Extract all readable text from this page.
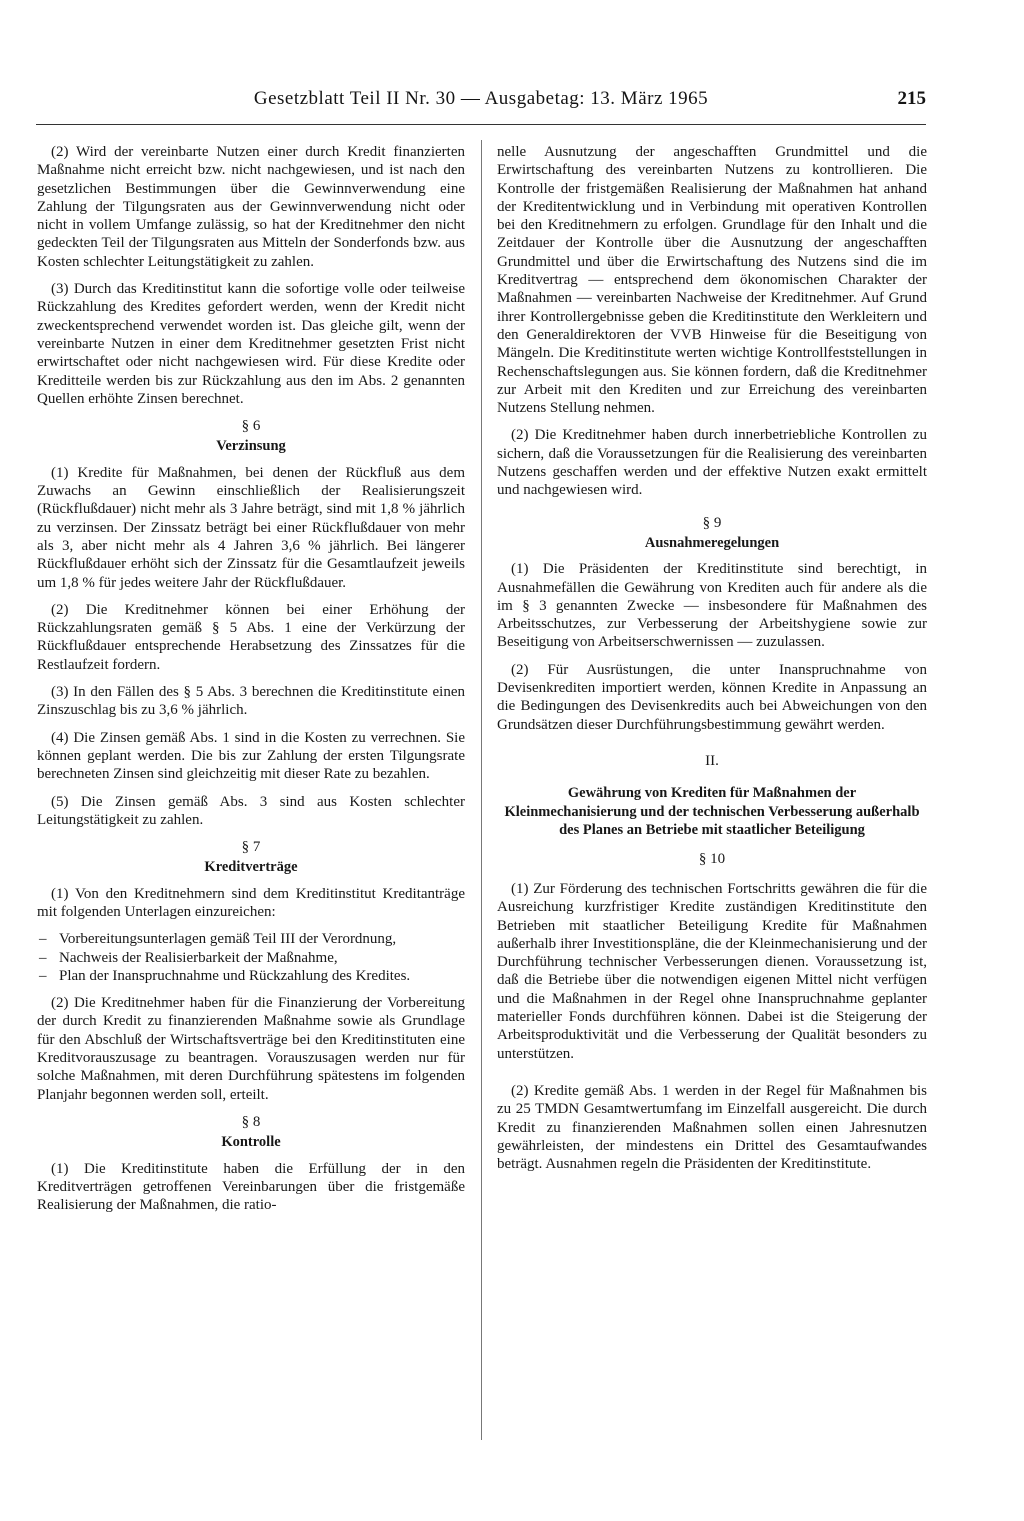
Gesetzblatt Teil II Nr. 30 — Ausgabetag: 13. März 1965	215

(2) Wird der vereinbarte Nutzen einer durch Kredit finanzierten Maßnahme nicht erreicht bzw. nicht nachgewiesen, und ist nach den gesetzlichen Bestimmungen über die Gewinnverwendung eine Zahlung der Tilgungsraten aus der Gewinnverwendung nicht oder nicht in vollem Umfange zulässig, so hat der Kreditnehmer den nicht gedeckten Teil der Tilgungsraten aus Mitteln der Sonderfonds bzw. aus Kosten schlechter Leitungstätigkeit zu zahlen.

(3) Durch das Kreditinstitut kann die sofortige volle oder teilweise Rückzahlung des Kredites gefordert werden, wenn der Kredit nicht zweckentsprechend verwendet worden ist. Das gleiche gilt, wenn der vereinbarte Nutzen in einer dem Kreditnehmer gesetzten Frist nicht erwirtschaftet oder nicht nachgewiesen wird. Für diese Kredite oder Kreditteile werden bis zur Rückzahlung aus den im Abs. 2 genannten Quellen erhöhte Zinsen berechnet.

§ 6
Verzinsung

(1) Kredite für Maßnahmen, bei denen der Rückfluß aus dem Zuwachs an Gewinn einschließlich der Realisierungszeit (Rückflußdauer) nicht mehr als 3 Jahre beträgt, sind mit 1,8 % jährlich zu verzinsen. Der Zinssatz beträgt bei einer Rückflußdauer von mehr als 3, aber nicht mehr als 4 Jahren 3,6 % jährlich. Bei längerer Rückflußdauer erhöht sich der Zinssatz für die Gesamtlaufzeit jeweils um 1,8 % für jedes weitere Jahr der Rückflußdauer.

(2) Die Kreditnehmer können bei einer Erhöhung der Rückzahlungsraten gemäß § 5 Abs. 1 eine der Verkürzung der Rückflußdauer entsprechende Herabsetzung des Zinssatzes für die Restlaufzeit fordern.

(3) In den Fällen des § 5 Abs. 3 berechnen die Kreditinstitute einen Zinszuschlag bis zu 3,6 % jährlich.

(4) Die Zinsen gemäß Abs. 1 sind in die Kosten zu verrechnen. Sie können geplant werden. Die bis zur Zahlung der ersten Tilgungsrate berechneten Zinsen sind gleichzeitig mit dieser Rate zu bezahlen.

(5) Die Zinsen gemäß Abs. 3 sind aus Kosten schlechter Leitungstätigkeit zu zahlen.

§ 7
Kreditverträge

(1) Von den Kreditnehmern sind dem Kreditinstitut Kreditanträge mit folgenden Unterlagen einzureichen:

– Vorbereitungsunterlagen gemäß Teil III der Verordnung,
– Nachweis der Realisierbarkeit der Maßnahme,
– Plan der Inanspruchnahme und Rückzahlung des Kredites.

(2) Die Kreditnehmer haben für die Finanzierung der Vorbereitung der durch Kredit zu finanzierenden Maßnahme sowie als Grundlage für den Abschluß der Wirtschaftsverträge bei den Kreditinstituten eine Kreditvorauszusage zu beantragen. Vorauszusagen werden nur für solche Maßnahmen, mit deren Durchführung spätestens im folgenden Planjahr begonnen werden soll, erteilt.

§ 8
Kontrolle

(1) Die Kreditinstitute haben die Erfüllung der in den Kreditverträgen getroffenen Vereinbarungen über die fristgemäße Realisierung der Maßnahmen, die ratio-

nelle Ausnutzung der angeschafften Grundmittel und die Erwirtschaftung des vereinbarten Nutzens zu kontrollieren. Die Kontrolle der fristgemäßen Realisierung der Maßnahmen hat anhand der Kreditentwicklung und in Verbindung mit operativen Kontrollen bei den Kreditnehmern zu erfolgen. Grundlage für den Inhalt und die Zeitdauer der Kontrolle über die Ausnutzung der angeschafften Grundmittel und über die Erwirtschaftung des Nutzens sind die im Kreditvertrag — entsprechend dem ökonomischen Charakter der Maßnahmen — vereinbarten Nachweise der Kreditnehmer. Auf Grund ihrer Kontrollergebnisse geben die Kreditinstitute den Werkleitern und den Generaldirektoren der VVB Hinweise für die Beseitigung von Mängeln. Die Kreditinstitute werten wichtige Kontrollfeststellungen in Rechenschaftslegungen aus. Sie können fordern, daß die Kreditnehmer zur Arbeit mit den Krediten und zur Erreichung des vereinbarten Nutzens Stellung nehmen.

(2) Die Kreditnehmer haben durch innerbetriebliche Kontrollen zu sichern, daß die Voraussetzungen für die Realisierung des vereinbarten Nutzens geschaffen werden und der effektive Nutzen exakt ermittelt und nachgewiesen wird.

§ 9
Ausnahmeregelungen

(1) Die Präsidenten der Kreditinstitute sind berechtigt, in Ausnahmefällen die Gewährung von Krediten auch für andere als die im § 3 genannten Zwecke — insbesondere für Maßnahmen des Arbeitsschutzes, zur Verbesserung der Arbeitshygiene sowie zur Beseitigung von Arbeitserschwernissen — zuzulassen.

(2) Für Ausrüstungen, die unter Inanspruchnahme von Devisenkrediten importiert werden, können Kredite in Anpassung an die Bedingungen des Devisenkredits auch bei Abweichungen von den Grundsätzen dieser Durchführungsbestimmung gewährt werden.

II.
Gewährung von Krediten für Maßnahmen der Kleinmechanisierung und der technischen Verbesserung außerhalb des Planes an Betriebe mit staatlicher Beteiligung
§ 10

(1) Zur Förderung des technischen Fortschritts gewähren die für die Ausreichung kurzfristiger Kredite zuständigen Kreditinstitute den Betrieben mit staatlicher Beteiligung Kredite für Maßnahmen außerhalb ihrer Investitionspläne, die der Kleinmechanisierung und der Durchführung technischer Verbesserungen dienen. Voraussetzung ist, daß die Betriebe über die notwendigen eigenen Mittel nicht verfügen und die Maßnahmen in der Regel ohne Inanspruchnahme geplanter materieller Fonds durchführen können. Dabei ist die Steigerung der Arbeitsproduktivität und die Verbesserung der Qualität besonders zu unterstützen.

(2) Kredite gemäß Abs. 1 werden in der Regel für Maßnahmen bis zu 25 TMDN Gesamtwertumfang im Einzelfall ausgereicht. Die durch Kredit zu finanzierenden Maßnahmen sollen einen Jahresnutzen gewährleisten, der mindestens ein Drittel des Gesamtaufwandes beträgt. Ausnahmen regeln die Präsidenten der Kreditinstitute.
